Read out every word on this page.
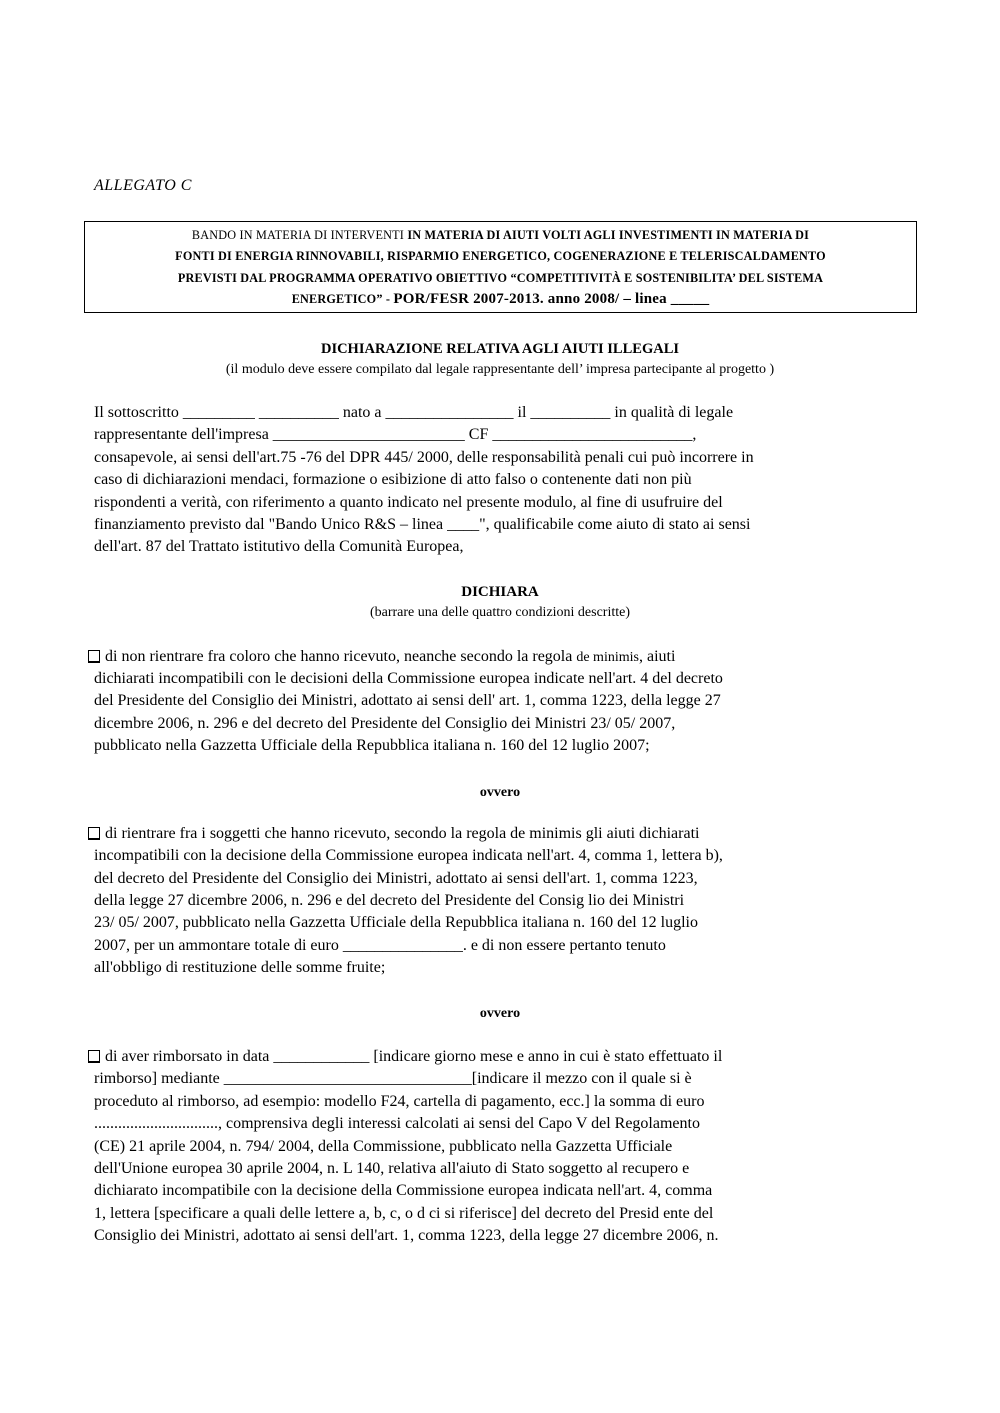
ALLEGATO C
BANDO IN MATERIA DI INTERVENTI IN MATERIA DI AIUTI VOLTI AGLI INVESTIMENTI IN MATERIA DI
FONTI DI ENERGIA RINNOVABILI, RISPARMIO ENERGETICO, COGENERAZIONE E TELERISCALDAMENTO
PREVISTI DAL PROGRAMMA OPERATIVO OBIETTIVO “COMPETITIVITÀ E SOSTENIBILITA’ DEL SISTEMA
ENERGETICO” - POR/FESR 2007-2013. anno 2008/ – linea _____
DICHIARAZIONE RELATIVA AGLI AIUTI ILLEGALI
(il modulo deve essere compilato dal legale rappresentante dell’ impresa partecipante al progetto )
Il sottoscritto _________ __________ nato a ________________ il __________ in qualità di legale
rappresentante dell'impresa ________________________ CF _________________________,
consapevole, ai sensi dell'art.75 -76 del DPR 445/ 2000, delle responsabilità penali cui può incorrere in
caso di dichiarazioni mendaci, formazione o esibizione di atto falso o contenente dati non più
rispondenti a verità, con riferimento a quanto indicato nel presente modulo, al fine di usufruire del
finanziamento previsto dal "Bando Unico R&S – linea ____", qualificabile come aiuto di stato ai sensi
dell'art. 87 del Trattato istitutivo della Comunità Europea,
DICHIARA
(barrare una delle quattro condizioni descritte)
di non rientrare fra coloro che hanno ricevuto, neanche secondo la regola de minimis, aiuti
dichiarati incompatibili con le decisioni della Commissione europea indicate nell'art. 4 del decreto
del Presidente del Consiglio dei Ministri, adottato ai sensi dell' art. 1, comma 1223, della legge 27
dicembre 2006, n. 296 e del decreto del Presidente del Consiglio dei Ministri 23/ 05/ 2007,
pubblicato nella Gazzetta Ufficiale della Repubblica italiana n. 160 del 12 luglio 2007;
ovvero
di rientrare fra i soggetti che hanno ricevuto, secondo la regola de minimis gli aiuti dichiarati
incompatibili con la decisione della Commissione europea indicata nell'art. 4, comma 1, lettera b),
del decreto del Presidente del Consiglio dei Ministri, adottato ai sensi dell'art. 1, comma 1223,
della legge 27 dicembre 2006, n. 296 e del decreto del Presidente del Consig lio dei Ministri
23/ 05/ 2007, pubblicato nella Gazzetta Ufficiale della Repubblica italiana n. 160 del 12 luglio
2007, per un ammontare totale di euro _______________. e di non essere pertanto tenuto
all'obbligo di restituzione delle somme fruite;
ovvero
di aver rimborsato in data ____________ [indicare giorno mese e anno in cui è stato effettuato il
rimborso] mediante _______________________________[indicare il mezzo con il quale si è
proceduto al rimborso, ad esempio: modello F24, cartella di pagamento, ecc.] la somma di euro
..............................., comprensiva degli interessi calcolati ai sensi del Capo V del Regolamento
(CE) 21 aprile 2004, n. 794/ 2004, della Commissione, pubblicato nella Gazzetta Ufficiale
dell'Unione europea 30 aprile 2004, n. L 140, relativa all'aiuto di Stato soggetto al recupero e
dichiarato incompatibile con la decisione della Commissione europea indicata nell'art. 4, comma
1, lettera [specificare a quali delle lettere a, b, c, o d ci si riferisce] del decreto del Presid ente del
Consiglio dei Ministri, adottato ai sensi dell'art. 1, comma 1223, della legge 27 dicembre 2006, n.
